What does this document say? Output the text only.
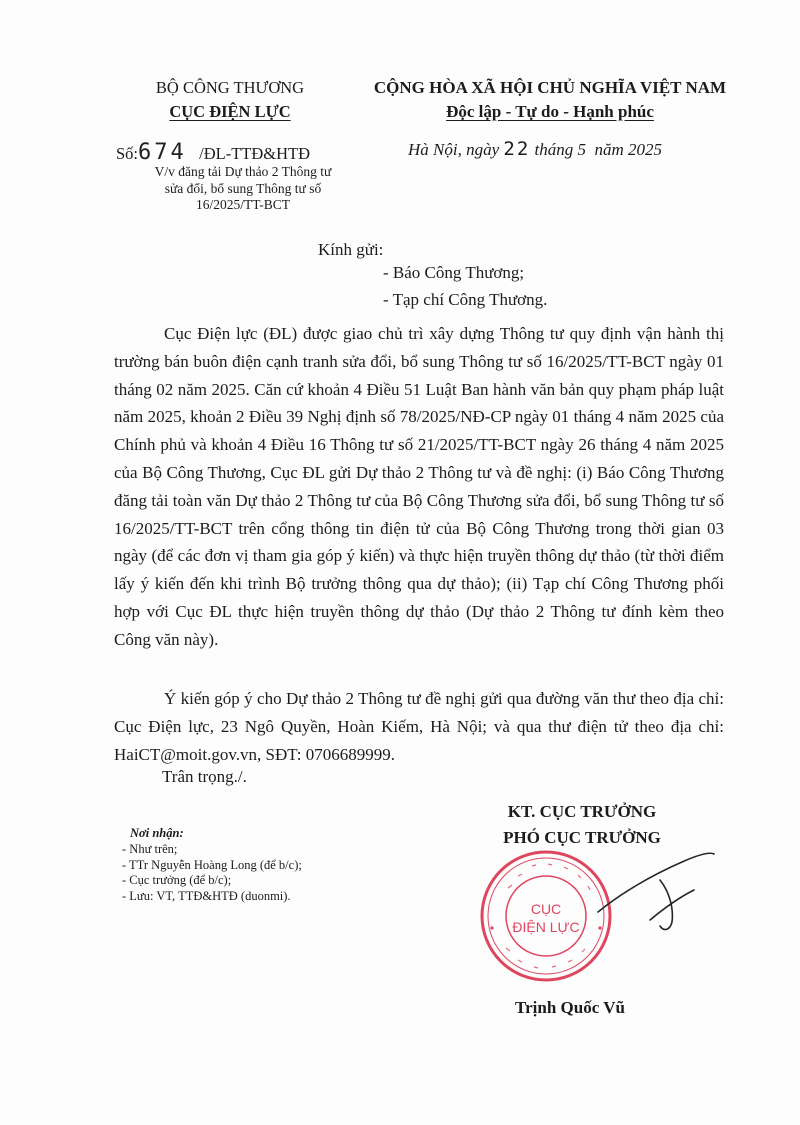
BỘ CÔNG THƯƠNG
CỤC ĐIỆN LỰC
CỘNG HÒA XÃ HỘI CHỦ NGHĨA VIỆT NAM
Độc lập - Tự do - Hạnh phúc
Số:674 /ĐL-TTĐ&HTĐ
V/v đăng tải Dự thảo 2 Thông tư sửa đổi, bổ sung Thông tư số 16/2025/TT-BCT
Hà Nội, ngày 22 tháng 5 năm 2025
Kính gửi:
- Báo Công Thương;
- Tạp chí Công Thương.
Cục Điện lực (ĐL) được giao chủ trì xây dựng Thông tư quy định vận hành thị trường bán buôn điện cạnh tranh sửa đổi, bổ sung Thông tư số 16/2025/TT-BCT ngày 01 tháng 02 năm 2025. Căn cứ khoản 4 Điều 51 Luật Ban hành văn bản quy phạm pháp luật năm 2025, khoản 2 Điều 39 Nghị định số 78/2025/NĐ-CP ngày 01 tháng 4 năm 2025 của Chính phủ và khoản 4 Điều 16 Thông tư số 21/2025/TT-BCT ngày 26 tháng 4 năm 2025 của Bộ Công Thương, Cục ĐL gửi Dự thảo 2 Thông tư và đề nghị: (i) Báo Công Thương đăng tải toàn văn Dự thảo 2 Thông tư của Bộ Công Thương sửa đổi, bổ sung Thông tư số 16/2025/TT-BCT trên cổng thông tin điện tử của Bộ Công Thương trong thời gian 03 ngày (để các đơn vị tham gia góp ý kiến) và thực hiện truyền thông dự thảo (từ thời điểm lấy ý kiến đến khi trình Bộ trưởng thông qua dự thảo); (ii) Tạp chí Công Thương phối hợp với Cục ĐL thực hiện truyền thông dự thảo (Dự thảo 2 Thông tư đính kèm theo Công văn này).
Ý kiến góp ý cho Dự thảo 2 Thông tư đề nghị gửi qua đường văn thư theo địa chỉ: Cục Điện lực, 23 Ngô Quyền, Hoàn Kiếm, Hà Nội; và qua thư điện tử theo địa chỉ: HaiCT@moit.gov.vn, SĐT: 0706689999.
Trân trọng./.
Nơi nhận:
- Như trên;
- TTr Nguyễn Hoàng Long (để b/c);
- Cục trưởng (để b/c);
- Lưu: VT, TTĐ&HTĐ (duonmi).
KT. CỤC TRƯỞNG
PHÓ CỤC TRƯỞNG
CỤC
ĐIỆN LỰC
Trịnh Quốc Vũ
